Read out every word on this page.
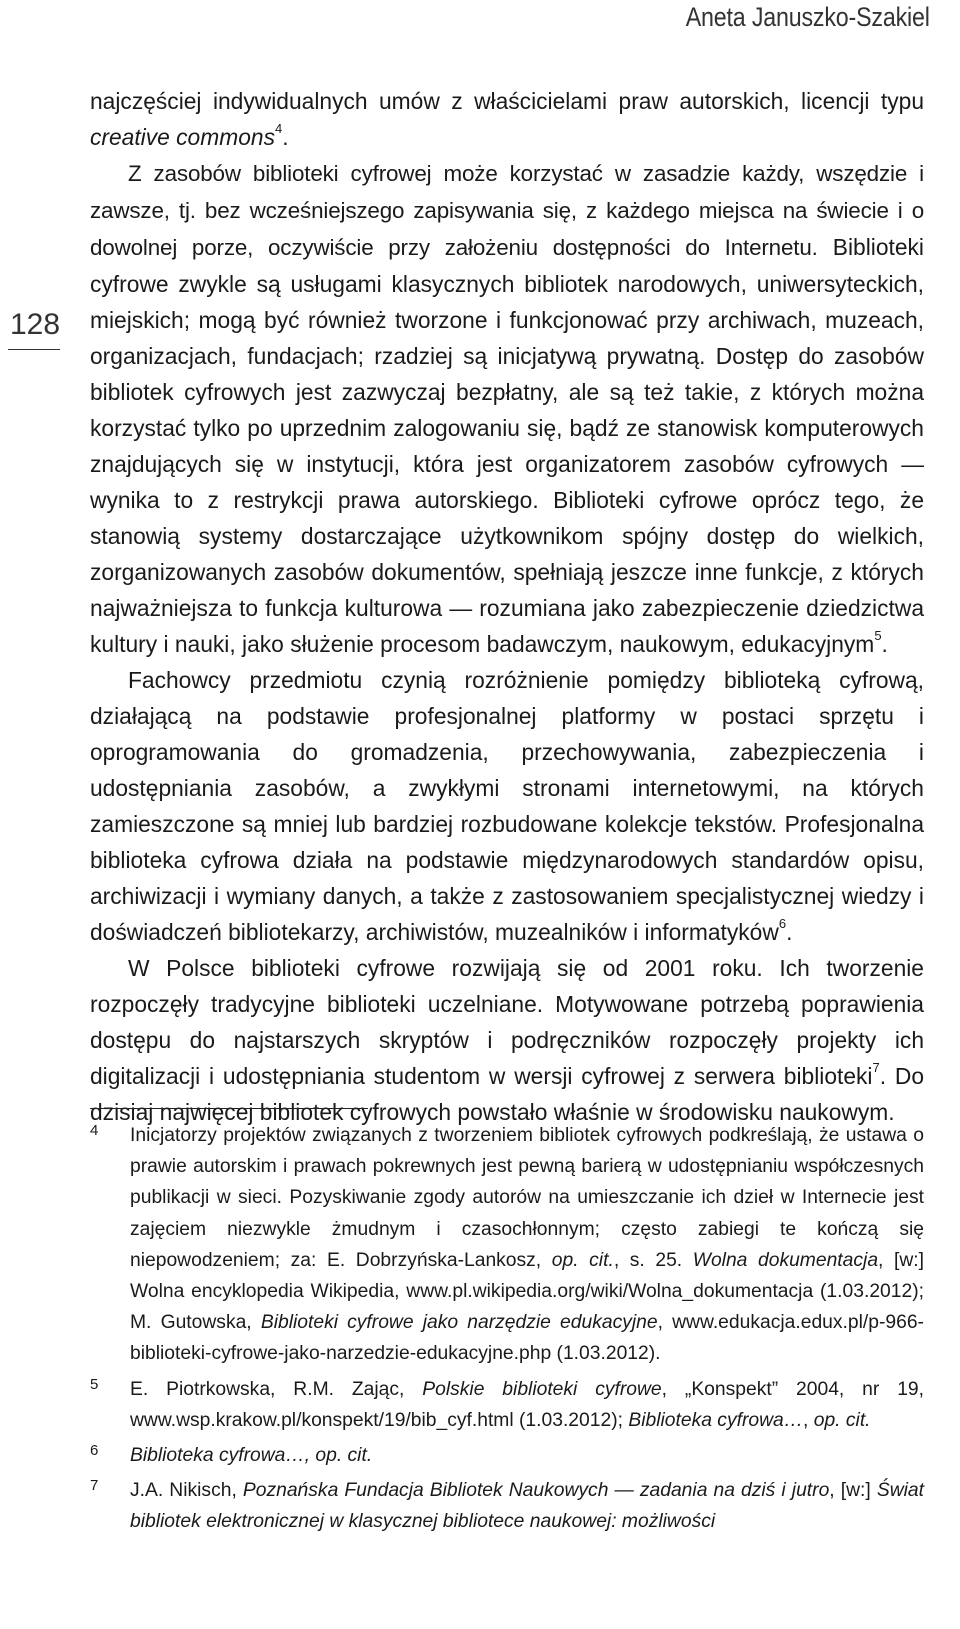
Aneta Januszko-Szakiel
128

najczęściej indywidualnych umów z właścicielami praw autorskich, licencji typu creative commons$^4$.

Z zasobów biblioteki cyfrowej może korzystać w zasadzie każdy, wszędzie i zawsze, tj. bez wcześniejszego zapisywania się, z każdego miejsca na świecie i o dowolnej porze, oczywiście przy założeniu dostępności do Internetu. Biblioteki cyfrowe zwykle są usługami klasycznych bibliotek narodowych, uniwersyteckich, miejskich; mogą być również tworzone i funkcjonować przy archiwach, muzeach, organizacjach, fundacjach; rzadziej są inicjatywą prywatną. Dostęp do zasobów bibliotek cyfrowych jest zazwyczaj bezpłatny, ale są też takie, z których można korzystać tylko po uprzednim zalogowaniu się, bądź ze stanowisk komputerowych znajdujących się w instytucji, która jest organizatorem zasobów cyfrowych — wynika to z restrykcji prawa autorskiego. Biblioteki cyfrowe oprócz tego, że stanowią systemy dostarczające użytkownikom spójny dostęp do wielkich, zorganizowanych zasobów dokumentów, spełniają jeszcze inne funkcje, z których najważniejsza to funkcja kulturowa — rozumiana jako zabezpieczenie dziedzictwa kultury i nauki, jako służenie procesom badawczym, naukowym, edukacyjnym$^5$.

Fachowcy przedmiotu czynią rozróżnienie pomiędzy biblioteką cyfrową, działającą na podstawie profesjonalnej platformy w postaci sprzętu i oprogramowania do gromadzenia, przechowywania, zabezpieczenia i udostępniania zasobów, a zwykłymi stronami internetowymi, na których zamieszczone są mniej lub bardziej rozbudowane kolekcje tekstów. Profesjonalna biblioteka cyfrowa działa na podstawie międzynarodowych standardów opisu, archiwizacji i wymiany danych, a także z zastosowaniem specjalistycznej wiedzy i doświadczeń bibliotekarzy, archiwistów, muzealników i informatyków$^6$.

W Polsce biblioteki cyfrowe rozwijają się od 2001 roku. Ich tworzenie rozpoczęły tradycyjne biblioteki uczelniane. Motywowane potrzebą poprawienia dostępu do najstarszych skryptów i podręczników rozpoczęły projekty ich digitalizacji i udostępniania studentom w wersji cyfrowej z serwera biblioteki$^7$. Do dzisiaj najwięcej bibliotek cyfrowych powstało właśnie w środowisku naukowym.

4 Inicjatorzy projektów związanych z tworzeniem bibliotek cyfrowych podkreślają, że ustawa o prawie autorskim i prawach pokrewnych jest pewną barierą w udostępnianiu współczesnych publikacji w sieci. Pozyskiwanie zgody autorów na umieszczanie ich dzieł w Internecie jest zajęciem niezwykle żmudnym i czasochłonnym; często zabiegi te kończą się niepowodzeniem; za: E. Dobrzyńska-Lankosz, op. cit., s. 25. Wolna dokumentacja, [w:] Wolna encyklopedia Wikipedia, www.pl.wikipedia.org/wiki/Wolna_dokumentacja (1.03.2012); M. Gutowska, Biblioteki cyfrowe jako narzędzie edukacyjne, www.edukacja.edux.pl/p-966-biblioteki-cyfrowe-jako-narzedzie-edukacyjne.php (1.03.2012).
5 E. Piotrkowska, R.M. Zając, Polskie biblioteki cyfrowe, „Konspekt” 2004, nr 19, www.wsp.krakow.pl/konspekt/19/bib_cyf.html (1.03.2012); Biblioteka cyfrowa…, op. cit.
6 Biblioteka cyfrowa…, op. cit.
7 J.A. Nikisch, Poznańska Fundacja Bibliotek Naukowych — zadania na dziś i jutro, [w:] Świat bibliotek elektronicznej w klasycznej bibliotece naukowej: możliwości
